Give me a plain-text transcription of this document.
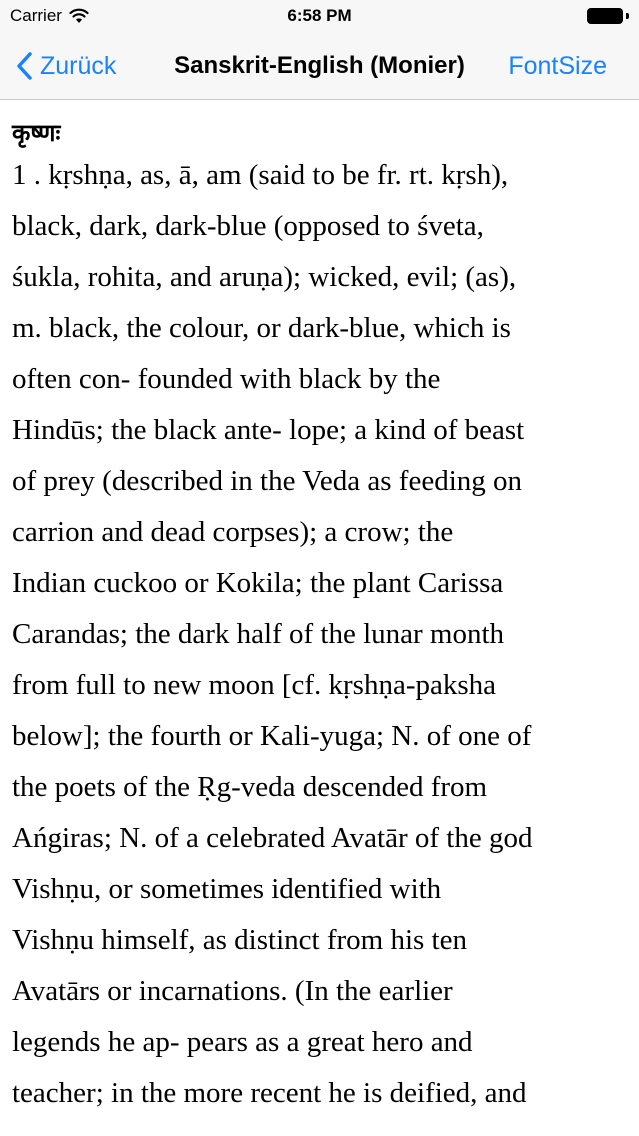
Carrier	6:58 PM
Zurück	Sanskrit-English (Monier)	FontSize
कृष्णः
1 . kṛshṇa, as, ā, am (said to be fr. rt. kṛsh),
black, dark, dark-blue (opposed to śveta,
śukla, rohita, and aruṇa); wicked, evil; (as),
m. black, the colour, or dark-blue, which is
often con- founded with black by the
Hindūs; the black ante- lope; a kind of beast
of prey (described in the Veda as feeding on
carrion and dead corpses); a crow; the
Indian cuckoo or Kokila; the plant Carissa
Carandas; the dark half of the lunar month
from full to new moon [cf. kṛshṇa-paksha
below]; the fourth or Kali-yuga; N. of one of
the poets of the Ṛg-veda descended from
Ańgiras; N. of a celebrated Avatār of the god
Vishṇu, or sometimes identified with
Vishṇu himself, as distinct from his ten
Avatārs or incarnations. (In the earlier
legends he ap- pears as a great hero and
teacher; in the more recent he is deified, and
